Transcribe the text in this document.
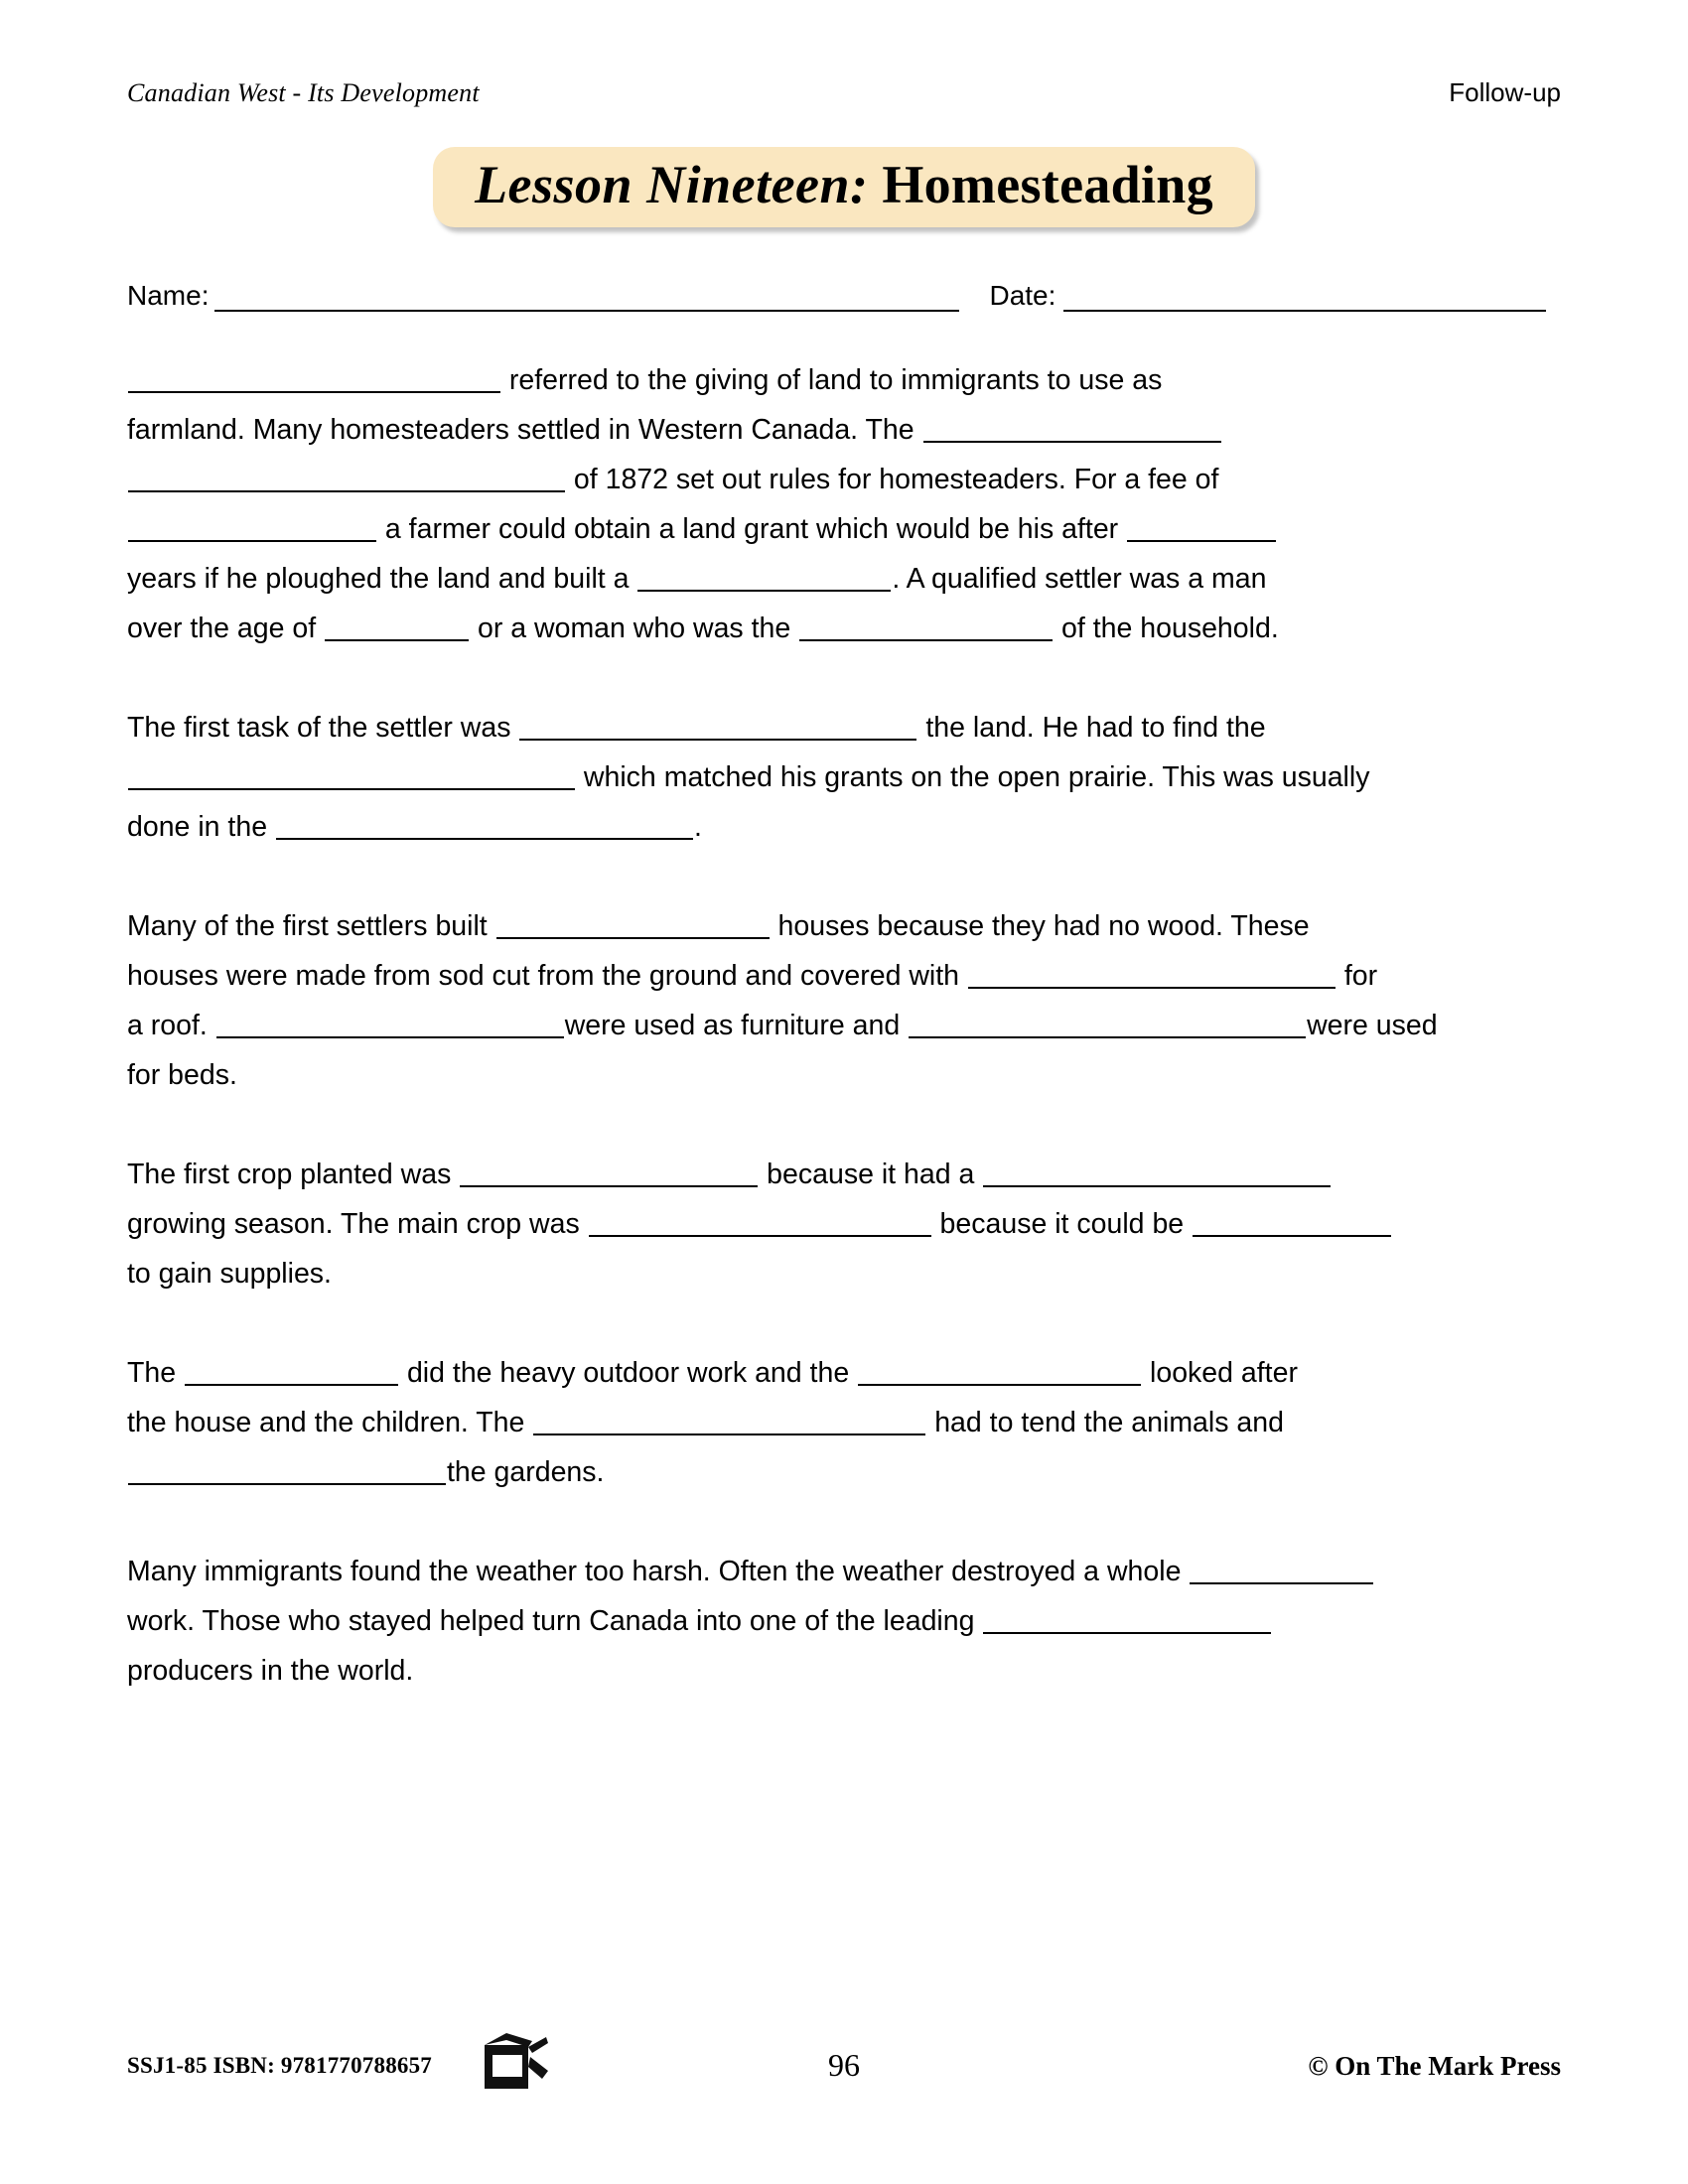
Canadian West - Its Development	Follow-up
Lesson Nineteen: Homesteading
Name:	Date:
referred to the giving of land to immigrants to use as
farmland. Many homesteaders settled in Western Canada. The
of 1872 set out rules for homesteaders. For a fee of
a farmer could obtain a land grant which would be his after
years if he ploughed the land and built a	. A qualified settler was a man
over the age of	or a woman who was the	of the household.
The first task of the settler was	the land. He had to find the
which matched his grants on the open prairie. This was usually
done in the	.
Many of the first settlers built	houses because they had no wood. These
houses were made from sod cut from the ground and covered with	for
a roof.	were used as furniture and	were used
for beds.
The first crop planted was	because it had a
growing season. The main crop was	because it could be
to gain supplies.
The	did the heavy outdoor work and the	looked after
the house and the children. The	had to tend the animals and
the gardens.
Many immigrants found the weather too harsh. Often the weather destroyed a whole
work. Those who stayed helped turn Canada into one of the leading
producers in the world.
SSJ1-85 ISBN: 9781770788657	96	© On The Mark Press
